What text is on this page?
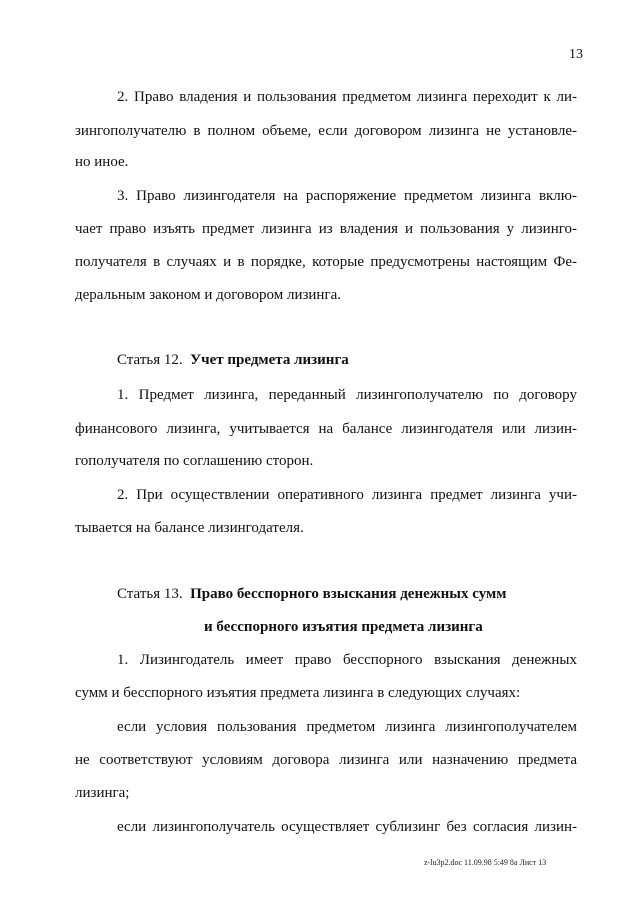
13
2. Право владения и пользования предметом лизинга переходит к ли-
зингополучателю в полном объеме, если договором лизинга не установле-
но иное.
3. Право лизингодателя на распоряжение предметом лизинга вклю-
чает право изъять предмет лизинга из владения и пользования у лизинго-
получателя в случаях и в порядке, которые предусмотрены настоящим Фе-
деральным законом и договором лизинга.
Статья 12. Учет предмета лизинга
1. Предмет лизинга, переданный лизингополучателю по договору
финансового лизинга, учитывается на балансе лизингодателя или лизин-
гополучателя по соглашению сторон.
2. При осуществлении оперативного лизинга предмет лизинга учи-
тывается на балансе лизингодателя.
Статья 13. Право бесспорного взыскания денежных сумм
и бесспорного изъятия предмета лизинга
1. Лизингодатель имеет право бесспорного взыскания денежных
сумм и бесспорного изъятия предмета лизинга в следующих случаях:
если условия пользования предметом лизинга лизингополучателем
не соответствуют условиям договора лизинга или назначению предмета
лизинга;
если лизингополучатель осуществляет сублизинг без согласия лизин-
z-lu3p2.doc 11.09.98 5:49 8a Лист 13
